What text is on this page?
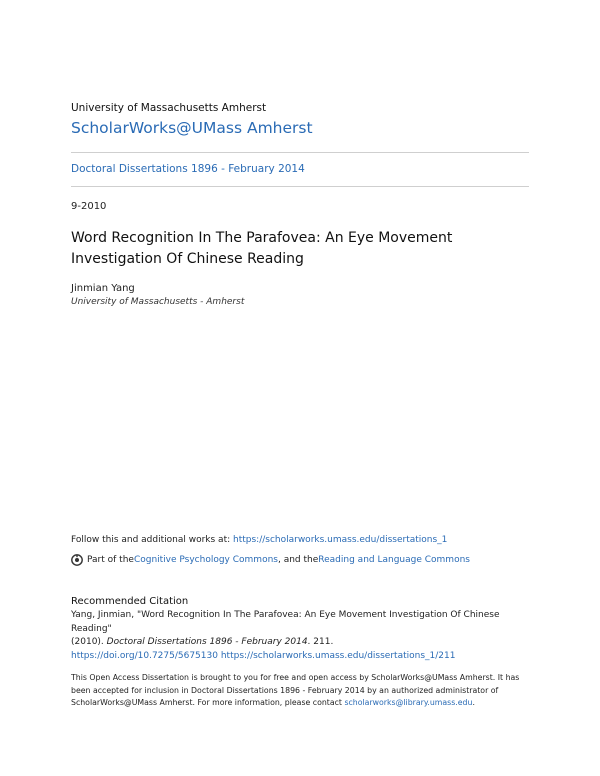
University of Massachusetts Amherst
ScholarWorks@UMass Amherst
Doctoral Dissertations 1896 - February 2014
9-2010
Word Recognition In The Parafovea: An Eye Movement Investigation Of Chinese Reading
Jinmian Yang
University of Massachusetts - Amherst
Follow this and additional works at: https://scholarworks.umass.edu/dissertations_1
Part of the Cognitive Psychology Commons , and the Reading and Language Commons
Recommended Citation
Yang, Jinmian, "Word Recognition In The Parafovea: An Eye Movement Investigation Of Chinese Reading"
(2010). Doctoral Dissertations 1896 - February 2014. 211.
https://doi.org/10.7275/5675130 https://scholarworks.umass.edu/dissertations_1/211
This Open Access Dissertation is brought to you for free and open access by ScholarWorks@UMass Amherst. It has been accepted for inclusion in Doctoral Dissertations 1896 - February 2014 by an authorized administrator of ScholarWorks@UMass Amherst. For more information, please contact scholarworks@library.umass.edu.
